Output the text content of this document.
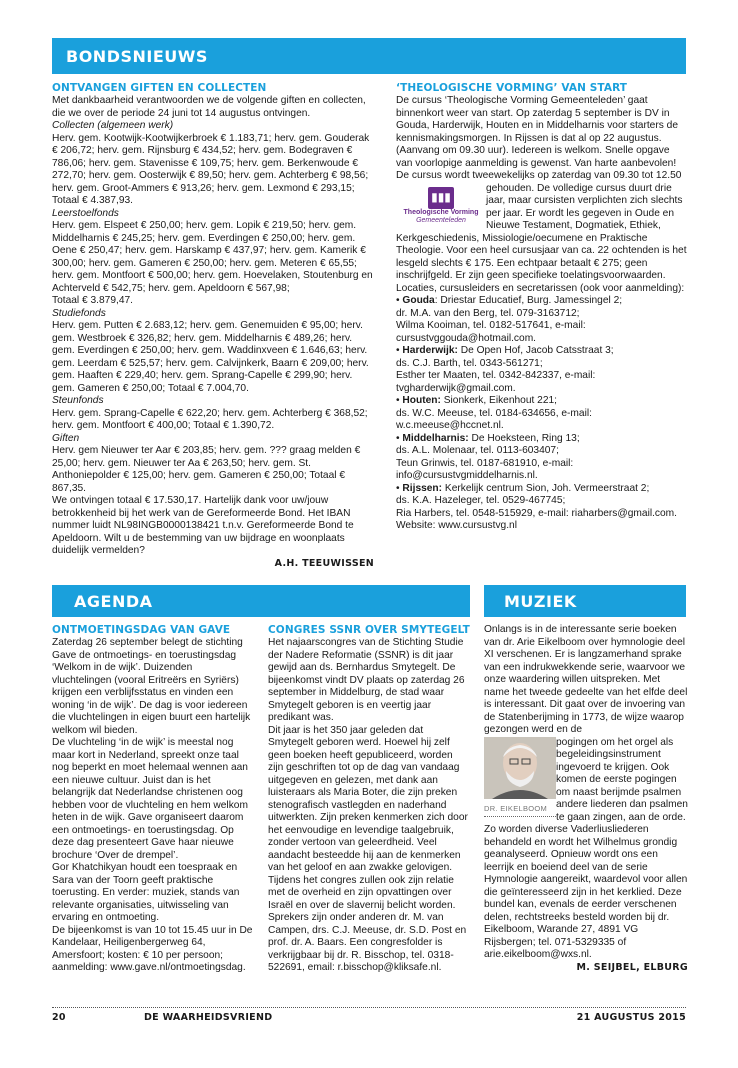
BONDSNIEUWS
ONTVANGEN GIFTEN EN COLLECTEN

Met dankbaarheid verantwoorden we de volgende giften en collecten, die we over de periode 24 juni tot 14 augustus ontvingen.

Collecten (algemeen werk)

Herv. gem. Kootwijk-Kootwijkerbroek € 1.183,71; herv. gem. Gouderak € 206,72; herv. gem. Rijnsburg € 434,52; herv. gem. Bodegraven € 786,06; herv. gem. Stavenisse € 109,75; herv. gem. Berkenwoude € 272,70; herv. gem. Oosterwijk € 89,50; herv. gem. Achterberg € 98,56; herv. gem. Groot-Ammers € 913,26; herv. gem. Lexmond € 293,15; Totaal € 4.387,93.

Leerstoelfonds

Herv. gem. Elspeet € 250,00; herv. gem. Lopik € 219,50; herv. gem. Middelharnis € 245,25; herv. gem. Everdingen € 250,00; herv. gem. Oene € 250,47; herv. gem. Harskamp € 437,97; herv. gem. Kamerik € 300,00; herv. gem. Gameren € 250,00; herv. gem. Meteren € 65,55; herv. gem. Montfoort € 500,00; herv. gem. Hoevelaken, Stoutenburg en Achterveld € 542,75; herv. gem. Apeldoorn € 567,98;

Totaal € 3.879,47.

Studiefonds

Herv. gem. Putten € 2.683,12; herv. gem. Genemuiden € 95,00; herv. gem. Westbroek € 326,82; herv. gem. Middelharnis € 489,26; herv. gem. Everdingen € 250,00; herv. gem. Waddinxveen € 1.646,63; herv. gem. Leerdam € 525,57; herv. gem. Calvijnkerk, Baarn € 209,00; herv. gem. Haaften € 229,40; herv. gem. Sprang-Capelle € 299,90; herv. gem. Gameren € 250,00; Totaal € 7.004,70.

Steunfonds

Herv. gem. Sprang-Capelle € 622,20; herv. gem. Achterberg € 368,52; herv. gem. Montfoort € 400,00; Totaal € 1.390,72.

Giften

Herv. gem Nieuwer ter Aar € 203,85; herv. gem. ??? graag melden € 25,00; herv. gem. Nieuwer ter Aa € 263,50; herv. gem. St. Anthoniepolder € 125,00; herv. gem. Gameren € 250,00; Totaal € 867,35.

We ontvingen totaal € 17.530,17. Hartelijk dank voor uw/jouw betrokkenheid bij het werk van de Gereformeerde Bond. Het IBAN nummer luidt NL98INGB0000138421 t.n.v. Gereformeerde Bond te Apeldoorn. Wilt u de bestemming van uw bijdrage en woonplaats duidelijk vermelden?

A.H. TEEUWISSEN
‘THEOLOGISCHE VORMING’ VAN START

De cursus ‘Theologische Vorming Gemeenteleden’ gaat binnenkort weer van start. Op zaterdag 5 september is DV in Gouda, Harderwijk, Houten en in Middelharnis voor starters de kennismakingsmorgen. In Rijssen is dat al op 22 augustus. (Aanvang om 09.30 uur). Iedereen is welkom. Snelle opgave van voorlopige aanmelding is gewenst. Van harte aanbevolen! De cursus wordt tweewekelijks op zaterdag van 09.30 tot 12.50

▮▮▮
Theologische Vorming
Gemeenteleden

gehouden. De volledige cursus duurt drie jaar, maar cursisten verplichten zich slechts per jaar. Er wordt les gegeven in Oude en Nieuwe Testament, Dogmatiek, Ethiek, Kerkgeschiedenis, Missiologie/oecumene en Praktische Theologie. Voor een heel cursusjaar van ca. 22 ochtenden is het lesgeld slechts € 175. Een echtpaar betaalt € 275; geen inschrijfgeld. Er zijn geen specifieke toelatingsvoorwaarden.

Locaties, cursusleiders en secretarissen (ook voor aanmelding):

• Gouda: Driestar Educatief, Burg. Jamessingel 2;

dr. M.A. van den Berg, tel. 079-3163712;

Wilma Kooiman, tel. 0182-517641, e-mail: cursustvggouda@hotmail.com.

• Harderwijk: De Open Hof, Jacob Catsstraat 3;

ds. C.J. Barth, tel. 0343-561271;

Esther ter Maaten, tel. 0342-842337, e-mail: tvgharderwijk@gmail.com.

• Houten: Sionkerk, Eikenhout 221;

ds. W.C. Meeuse, tel. 0184-634656, e-mail: w.c.meeuse@hccnet.nl.

• Middelharnis: De Hoeksteen, Ring 13;

ds. A.L. Molenaar, tel. 0113-603407;

Teun Grinwis, tel. 0187-681910, e-mail: info@cursustvgmiddelharnis.nl.

• Rijssen: Kerkelijk centrum Sion, Joh. Vermeerstraat 2;

ds. K.A. Hazeleger, tel. 0529-467745;

Ria Harbers, tel. 0548-515929, e-mail: riaharbers@gmail.com.

Website: www.cursustvg.nl

AGENDA	MUZIEK
ONTMOETINGSDAG VAN GAVE

Zaterdag 26 september belegt de stichting Gave de ontmoetings- en toerustingsdag ‘Welkom in de wijk’. Duizenden vluchtelingen (vooral Eritreërs en Syriërs) krijgen een verblijfsstatus en vinden een woning ‘in de wijk’. De dag is voor iedereen die vluchtelingen in eigen buurt een hartelijk welkom wil bieden.

De vluchteling ‘in de wijk’ is meestal nog maar kort in Nederland, spreekt onze taal nog beperkt en moet helemaal wennen aan een nieuwe cultuur. Juist dan is het belangrijk dat Nederlandse christenen oog hebben voor de vluchteling en hem welkom heten in de wijk. Gave organiseert daarom een ontmoetings- en toerustingsdag. Op deze dag presenteert Gave haar nieuwe brochure ‘Over de drempel’.

Gor Khatchikyan houdt een toespraak en Sara van der Toorn geeft praktische toerusting. En verder: muziek, stands van relevante organisaties, uitwisseling van ervaring en ontmoeting.

De bijeenkomst is van 10 tot 15.45 uur in De Kandelaar, Heiligenbergerweg 64, Amersfoort; kosten: € 10 per persoon; aanmelding: www.gave.nl/ontmoetingsdag.

CONGRES SSNR OVER SMYTEGELT

Het najaarscongres van de Stichting Studie der Nadere Reformatie (SSNR) is dit jaar gewijd aan ds. Bernhardus Smytegelt. De bijeenkomst vindt DV plaats op zaterdag 26 september in Middelburg, de stad waar Smytegelt geboren is en veertig jaar predikant was.

Dit jaar is het 350 jaar geleden dat Smytegelt geboren werd. Hoewel hij zelf geen boeken heeft gepubliceerd, worden zijn geschriften tot op de dag van vandaag uitgegeven en gelezen, met dank aan luisteraars als Maria Boter, die zijn preken stenografisch vastlegden en naderhand uitwerkten. Zijn preken kenmerken zich door het eenvoudige en levendige taalgebruik, zonder vertoon van geleerdheid. Veel aandacht besteedde hij aan de kenmerken van het geloof en aan zwakke gelovigen. Tijdens het congres zullen ook zijn relatie met de overheid en zijn opvattingen over Israël en over de slavernij belicht worden. Sprekers zijn onder anderen dr. M. van Campen, drs. C.J. Meeuse, dr. S.D. Post en prof. dr. A. Baars. Een congresfolder is verkrijgbaar bij dr. R. Bisschop, tel. 0318-522691, email: r.bisschop@kliksafe.nl.

Onlangs is in de interessante serie boeken van dr. Arie Eikelboom over hymnologie deel XI verschenen. Er is langzamerhand sprake van een indrukwekkende serie, waarvoor we onze waardering willen uitspreken. Met name het tweede gedeelte van het elfde deel is interessant. Dit gaat over de invoering van de Statenberijming in 1773, de wijze waarop gezongen werd en de

DR. EIKELBOOM

pogingen om het orgel als begeleidingsinstrument ingevoerd te krijgen. Ook komen de eerste pogingen om naast berijmde psalmen andere liederen dan psalmen te gaan zingen, aan de orde. Zo worden diverse Vaderliusliederen behandeld en wordt het Wilhelmus grondig geanalyseerd. Opnieuw wordt ons een leerrijk en boeiend deel van de serie Hymnologie aangereikt, waardevol voor allen die geïnteresseerd zijn in het kerklied. Deze bundel kan, evenals de eerder verschenen delen, rechtstreeks besteld worden bij dr. Eikelboom, Warande 27, 4891 VG Rijsbergen; tel. 071-5329335 of arie.eikelboom@wxs.nl.

M. SEIJBEL, ELBURG
20	DE WAARHEIDSVRIEND	21 AUGUSTUS 2015
